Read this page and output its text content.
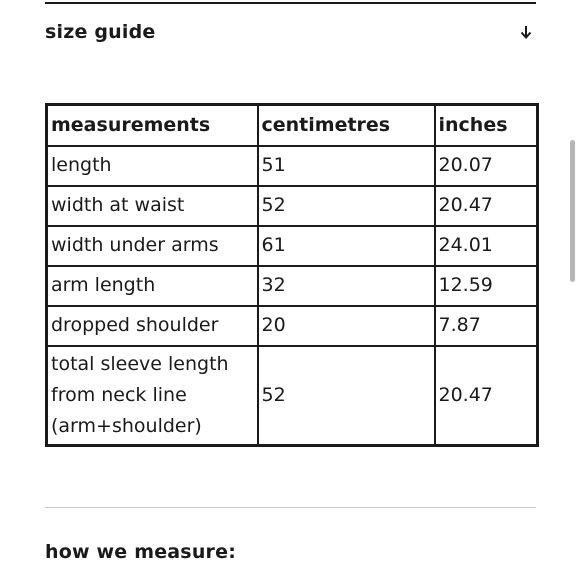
size guide
measurements	centimetres	inches
length	51	20.07
width at waist	52	20.47
width under arms	61	24.01
arm length	32	12.59
dropped shoulder	20	7.87

total sleeve length
from neck line
(arm+shoulder)	52	20.47
how we measure:
